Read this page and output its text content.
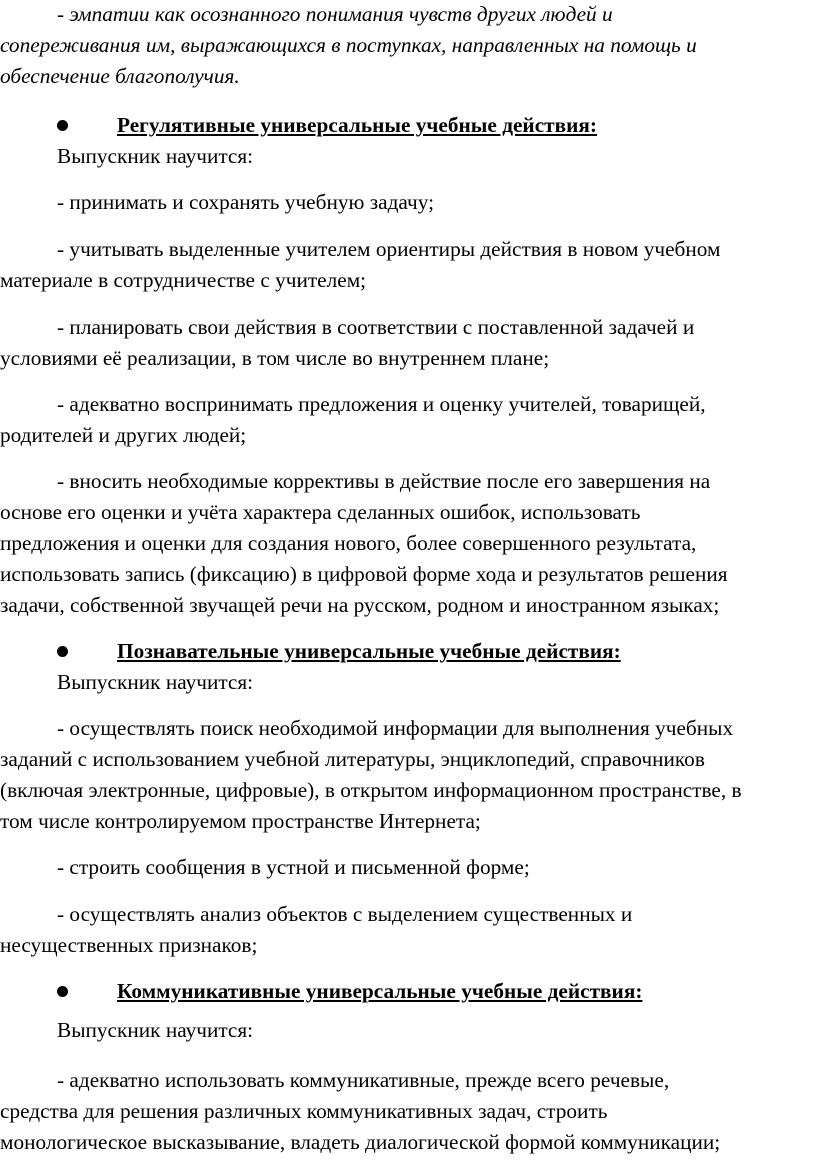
- эмпатии как осознанного понимания чувств других людей и
сопереживания им, выражающихся в поступках, направленных на помощь и
обеспечение благополучия.
Регулятивные универсальные учебные действия:
Выпускник научится:
- принимать и сохранять учебную задачу;
- учитывать выделенные учителем ориентиры действия в новом учебном
материале в сотрудничестве с учителем;
- планировать свои действия в соответствии с поставленной задачей и
условиями её реализации, в том числе во внутреннем плане;
- адекватно воспринимать предложения и оценку учителей, товарищей,
родителей и других людей;
- вносить необходимые коррективы в действие после его завершения на
основе его оценки и учёта характера сделанных ошибок, использовать
предложения и оценки для создания нового, более совершенного результата,
использовать запись (фиксацию) в цифровой форме хода и результатов решения
задачи, собственной звучащей речи на русском, родном и иностранном языках;
Познавательные универсальные учебные действия:
Выпускник научится:
- осуществлять поиск необходимой информации для выполнения учебных
заданий с использованием учебной литературы, энциклопедий, справочников
(включая электронные, цифровые), в открытом информационном пространстве, в
том числе контролируемом пространстве Интернета;
- строить сообщения в устной и письменной форме;
- осуществлять анализ объектов с выделением существенных и
несущественных признаков;
Коммуникативные универсальные учебные действия:
Выпускник научится:
- адекватно использовать коммуникативные, прежде всего речевые,
средства для решения различных коммуникативных задач, строить
монологическое высказывание, владеть диалогической формой коммуникации;
